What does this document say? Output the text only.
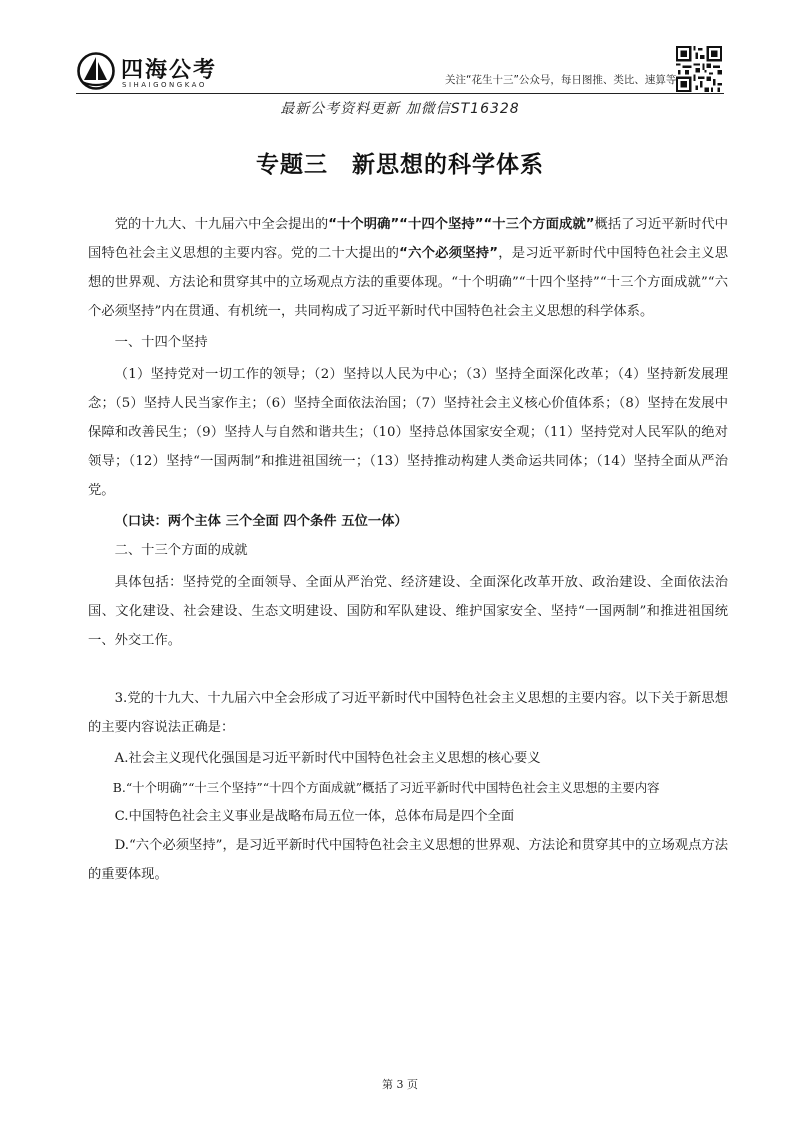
四海公考
SIHAIGONGKAO	关注“花生十三”公众号，每日图推、类比、速算等
最新公考资料更新 加微信ST16328
专题三 新思想的科学体系

党的十九大、十九届六中全会提出的“十个明确”“十四个坚持”“十三个方面成就”概括了习近平新时代中国特色社会主义思想的主要内容。党的二十大提出的“六个必须坚持”，是习近平新时代中国特色社会主义思想的世界观、方法论和贯穿其中的立场观点方法的重要体现。“十个明确”“十四个坚持”“十三个方面成就”“六个必须坚持”内在贯通、有机统一，共同构成了习近平新时代中国特色社会主义思想的科学体系。

一、十四个坚持

（1）坚持党对一切工作的领导；（2）坚持以人民为中心；（3）坚持全面深化改革；（4）坚持新发展理念；（5）坚持人民当家作主；（6）坚持全面依法治国；（7）坚持社会主义核心价值体系；（8）坚持在发展中保障和改善民生；（9）坚持人与自然和谐共生；（10）坚持总体国家安全观；（11）坚持党对人民军队的绝对领导；（12）坚持“一国两制”和推进祖国统一；（13）坚持推动构建人类命运共同体；（14）坚持全面从严治党。

（口诀：两个主体 三个全面 四个条件 五位一体）

二、十三个方面的成就

具体包括：坚持党的全面领导、全面从严治党、经济建设、全面深化改革开放、政治建设、全面依法治国、文化建设、社会建设、生态文明建设、国防和军队建设、维护国家安全、坚持“一国两制”和推进祖国统一、外交工作。

3.党的十九大、十九届六中全会形成了习近平新时代中国特色社会主义思想的主要内容。以下关于新思想的主要内容说法正确是：

A.社会主义现代化强国是习近平新时代中国特色社会主义思想的核心要义

B.“十个明确”“十三个坚持”“十四个方面成就”概括了习近平新时代中国特色社会主义思想的主要内容

C.中国特色社会主义事业是战略布局五位一体，总体布局是四个全面

D.“六个必须坚持”，是习近平新时代中国特色社会主义思想的世界观、方法论和贯穿其中的立场观点方法的重要体现。

第 3 页
